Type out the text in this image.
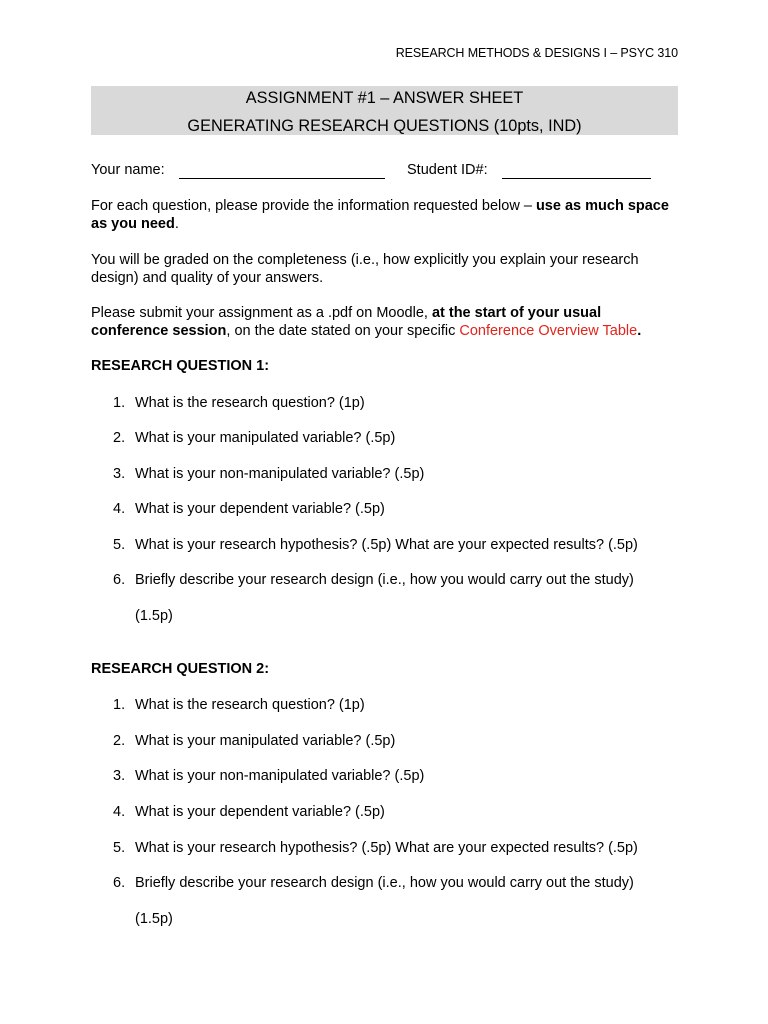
RESEARCH METHODS & DESIGNS I – PSYC 310
ASSIGNMENT #1 – ANSWER SHEET
GENERATING RESEARCH QUESTIONS (10pts, IND)
Your name:	Student ID#:
For each question, please provide the information requested below – use as much space as you need.
You will be graded on the completeness (i.e., how explicitly you explain your research design) and quality of your answers.
Please submit your assignment as a .pdf on Moodle, at the start of your usual conference session, on the date stated on your specific Conference Overview Table.
RESEARCH QUESTION 1:
1. What is the research question? (1p)
2. What is your manipulated variable? (.5p)
3. What is your non-manipulated variable? (.5p)
4. What is your dependent variable? (.5p)
5. What is your research hypothesis? (.5p) What are your expected results? (.5p)
6. Briefly describe your research design (i.e., how you would carry out the study)
(1.5p)
RESEARCH QUESTION 2:
1. What is the research question? (1p)
2. What is your manipulated variable? (.5p)
3. What is your non-manipulated variable? (.5p)
4. What is your dependent variable? (.5p)
5. What is your research hypothesis? (.5p) What are your expected results? (.5p)
6. Briefly describe your research design (i.e., how you would carry out the study)
(1.5p)
